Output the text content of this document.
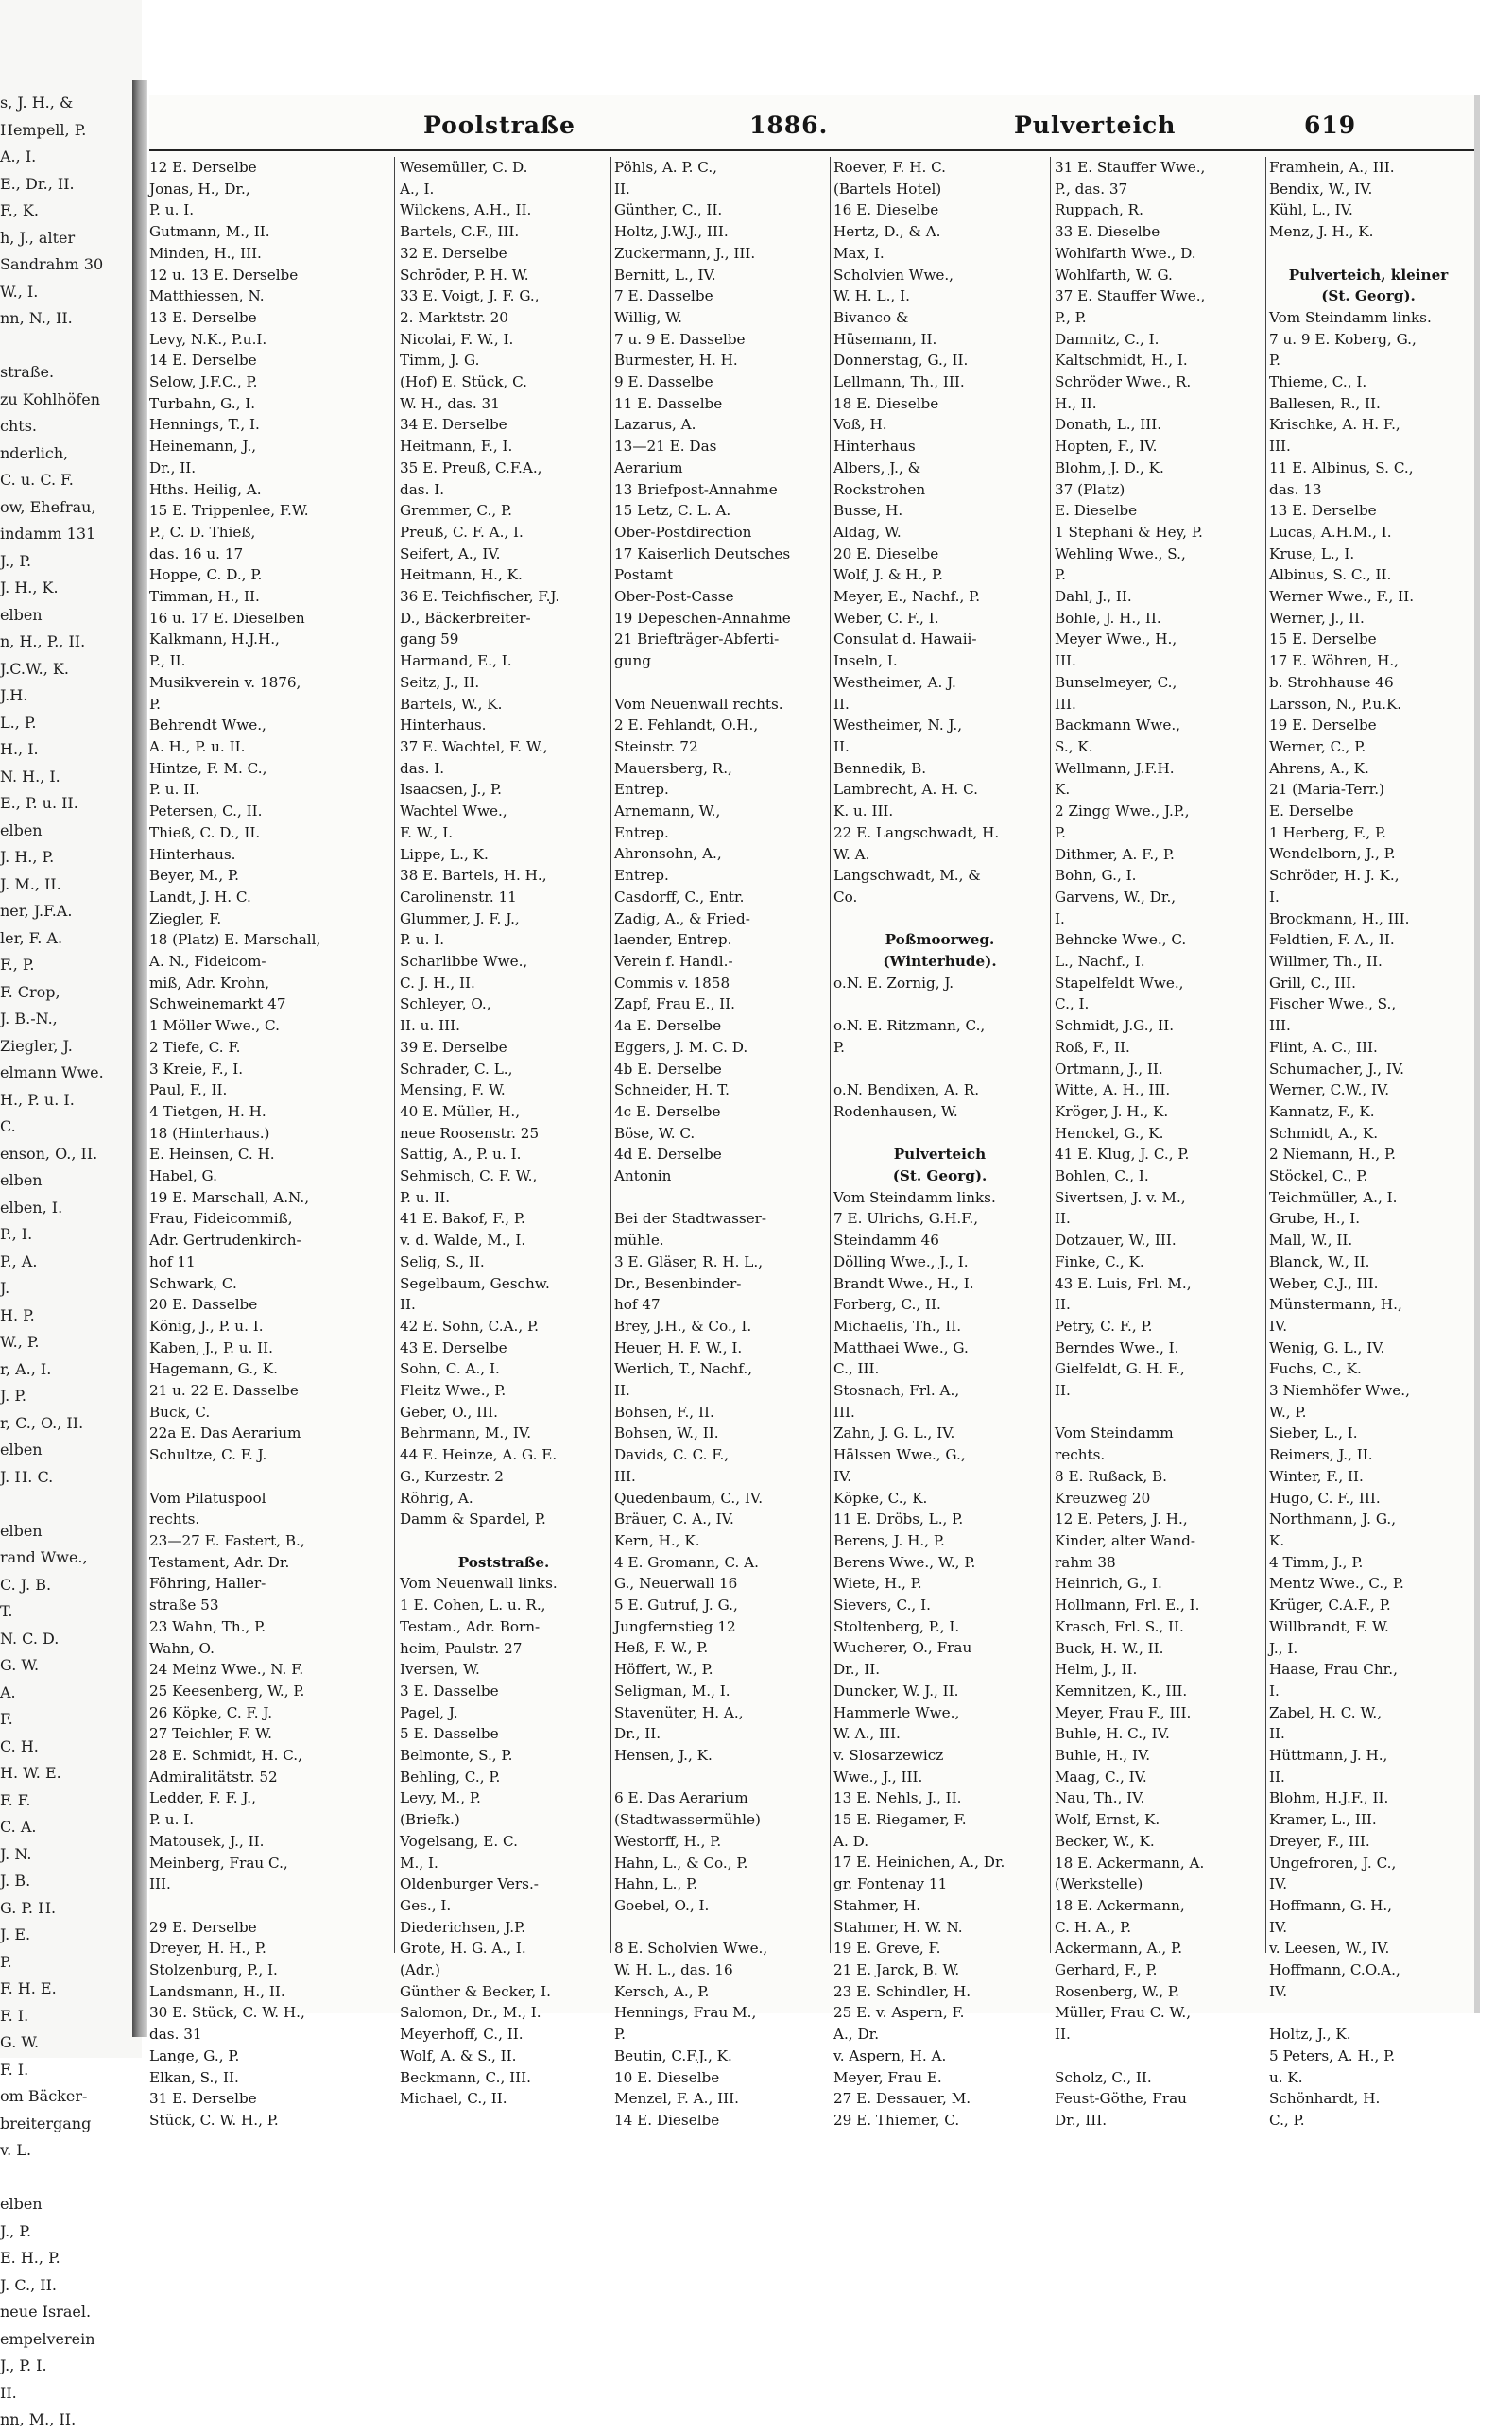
s, J. H., &
Hempell, P.
A., I.
E., Dr., II.
F., K.
h, J., alter
Sandrahm 30
W., I.
nn, N., II.

straße.
zu Kohlhöfen
chts.
nderlich,
C. u. C. F.
ow, Ehefrau,
indamm 131
J., P.
J. H., K.
elben
n, H., P., II.
J.C.W., K.
J.H.
L., P.
H., I.
N. H., I.
E., P. u. II.
elben
J. H., P.
J. M., II.
ner, J.F.A.
ler, F. A.
F., P.
F. Crop,
J. B.-N.,
Ziegler, J.
elmann Wwe.
H., P. u. I.
C.
enson, O., II.
elben
elben, I.
P., I.
P., A.
J.
H. P.
W., P.
r, A., I.
J. P.
r, C., O., II.
elben
J. H. C.

elben
rand Wwe.,
C. J. B.
T.
N. C. D.
G. W.
A.
F.
C. H.
H. W. E.
F. F.
C. A.
J. N.
J. B.
G. P. H.
J. E.
P.
F. H. E.
F. I.
G. W.
F. I.
om Bäcker-
breitergang
v. L.

elben
J., P.
E. H., P.
J. C., II.
neue Israel.
empelverein
J., P. I.
II.
nn, M., II.
Poolstraße	1886.	Pulverteich	619
12 E. Derselbe
Jonas, H., Dr.,
P. u. I.
Gutmann, M., II.
Minden, H., III.
12 u. 13 E. Derselbe
Matthiessen, N.
13 E. Derselbe
Levy, N.K., P.u.I.
14 E. Derselbe
Selow, J.F.C., P.
Turbahn, G., I.
Hennings, T., I.
Heinemann, J.,
Dr., II.
Hths. Heilig, A.
15 E. Trippenlee, F.W.
P., C. D. Thieß,
das. 16 u. 17
Hoppe, C. D., P.
Timman, H., II.
16 u. 17 E. Dieselben
Kalkmann, H.J.H.,
P., II.
Musikverein v. 1876,
P.
Behrendt Wwe.,
A. H., P. u. II.
Hintze, F. M. C.,
P. u. II.
Petersen, C., II.
Thieß, C. D., II.
Hinterhaus.
Beyer, M., P.
Landt, J. H. C.
Ziegler, F.
18 (Platz) E. Marschall,
A. N., Fideicom-
miß, Adr. Krohn,
Schweinemarkt 47
1 Möller Wwe., C.
2 Tiefe, C. F.
3 Kreie, F., I.
Paul, F., II.
4 Tietgen, H. H.
18 (Hinterhaus.)
E. Heinsen, C. H.
Habel, G.
19 E. Marschall, A.N.,
Frau, Fideicommiß,
Adr. Gertrudenkirch-
hof 11
Schwark, C.
20 E. Dasselbe
König, J., P. u. I.
Kaben, J., P. u. II.
Hagemann, G., K.
21 u. 22 E. Dasselbe
Buck, C.
22a E. Das Aerarium
Schultze, C. F. J.
Vom Pilatuspool
rechts.
23—27 E. Fastert, B.,
Testament, Adr. Dr.
Föhring, Haller-
straße 53
23 Wahn, Th., P.
Wahn, O.
24 Meinz Wwe., N. F.
25 Keesenberg, W., P.
26 Köpke, C. F. J.
27 Teichler, F. W.
28 E. Schmidt, H. C.,
Admiralitätstr. 52
Ledder, F. F. J.,
P. u. I.
Matousek, J., II.
Meinberg, Frau C.,
III.
29 E. Derselbe
Dreyer, H. H., P.
Stolzenburg, P., I.
Landsmann, H., II.
30 E. Stück, C. W. H.,
das. 31
Lange, G., P.
Elkan, S., II.
31 E. Derselbe
Stück, C. W. H., P.
Wesemüller, C. D.
A., I.
Wilckens, A.H., II.
Bartels, C.F., III.
32 E. Derselbe
Schröder, P. H. W.
33 E. Voigt, J. F. G.,
2. Marktstr. 20
Nicolai, F. W., I.
Timm, J. G.
(Hof) E. Stück, C.
W. H., das. 31
34 E. Derselbe
Heitmann, F., I.
35 E. Preuß, C.F.A.,
das. I.
Gremmer, C., P.
Preuß, C. F. A., I.
Seifert, A., IV.
Heitmann, H., K.
36 E. Teichfischer, F.J.
D., Bäckerbreiter-
gang 59
Harmand, E., I.
Seitz, J., II.
Bartels, W., K.
Hinterhaus.
37 E. Wachtel, F. W.,
das. I.
Isaacsen, J., P.
Wachtel Wwe.,
F. W., I.
Lippe, L., K.
38 E. Bartels, H. H.,
Carolinenstr. 11
Glummer, J. F. J.,
P. u. I.
Scharlibbe Wwe.,
C. J. H., II.
Schleyer, O.,
II. u. III.
39 E. Derselbe
Schrader, C. L.,
Mensing, F. W.
40 E. Müller, H.,
neue Roosenstr. 25
Sattig, A., P. u. I.
Sehmisch, C. F. W.,
P. u. II.
41 E. Bakof, F., P.
v. d. Walde, M., I.
Selig, S., II.
Segelbaum, Geschw.
II.
42 E. Sohn, C.A., P.
43 E. Derselbe
Sohn, C. A., I.
Fleitz Wwe., P.
Geber, O., III.
Behrmann, M., IV.
44 E. Heinze, A. G. E.
G., Kurzestr. 2
Röhrig, A.
Damm & Spardel, P.
Poststraße.
Vom Neuenwall links.
1 E. Cohen, L. u. R.,
Testam., Adr. Born-
heim, Paulstr. 27
Iversen, W.
3 E. Dasselbe
Pagel, J.
5 E. Dasselbe
Belmonte, S., P.
Behling, C., P.
Levy, M., P.
(Briefk.)
Vogelsang, E. C.
M., I.
Oldenburger Vers.-
Ges., I.
Diederichsen, J.P.
Grote, H. G. A., I.
(Adr.)
Günther & Becker, I.
Salomon, Dr., M., I.
Meyerhoff, C., II.
Wolf, A. & S., II.
Beckmann, C., III.
Michael, C., II.
Pöhls, A. P. C.,
II.
Günther, C., II.
Holtz, J.W.J., III.
Zuckermann, J., III.
Bernitt, L., IV.
7 E. Dasselbe
Willig, W.
7 u. 9 E. Dasselbe
Burmester, H. H.
9 E. Dasselbe
11 E. Dasselbe
Lazarus, A.
13—21 E. Das
Aerarium
13 Briefpost-Annahme
15 Letz, C. L. A.
Ober-Postdirection
17 Kaiserlich Deutsches
Postamt
Ober-Post-Casse
19 Depeschen-Annahme
21 Briefträger-Abferti-
gung
Vom Neuenwall rechts.
2 E. Fehlandt, O.H.,
Steinstr. 72
Mauersberg, R.,
Entrep.
Arnemann, W.,
Entrep.
Ahronsohn, A.,
Entrep.
Casdorff, C., Entr.
Zadig, A., & Fried-
laender, Entrep.
Verein f. Handl.-
Commis v. 1858
Zapf, Frau E., II.
4a E. Derselbe
Eggers, J. M. C. D.
4b E. Derselbe
Schneider, H. T.
4c E. Derselbe
Böse, W. C.
4d E. Derselbe
Antonin
Bei der Stadtwasser-
mühle.
3 E. Gläser, R. H. L.,
Dr., Besenbinder-
hof 47
Brey, J.H., & Co., I.
Heuer, H. F. W., I.
Werlich, T., Nachf.,
II.
Bohsen, F., II.
Bohsen, W., II.
Davids, C. C. F.,
III.
Quedenbaum, C., IV.
Bräuer, C. A., IV.
Kern, H., K.
4 E. Gromann, C. A.
G., Neuerwall 16
5 E. Gutruf, J. G.,
Jungfernstieg 12
Heß, F. W., P.
Höffert, W., P.
Seligman, M., I.
Stavenüter, H. A.,
Dr., II.
Hensen, J., K.
6 E. Das Aerarium
(Stadtwassermühle)
Westorff, H., P.
Hahn, L., & Co., P.
Hahn, L., P.
Goebel, O., I.
8 E. Scholvien Wwe.,
W. H. L., das. 16
Kersch, A., P.
Hennings, Frau M.,
P.
Beutin, C.F.J., K.
10 E. Dieselbe
Menzel, F. A., III.
14 E. Dieselbe
Roever, F. H. C.
(Bartels Hotel)
16 E. Dieselbe
Hertz, D., & A.
Max, I.
Scholvien Wwe.,
W. H. L., I.
Bivanco &
Hüsemann, II.
Donnerstag, G., II.
Lellmann, Th., III.
18 E. Dieselbe
Voß, H.
Hinterhaus
Albers, J., &
Rockstrohen
Busse, H.
Aldag, W.
20 E. Dieselbe
Wolf, J. & H., P.
Meyer, E., Nachf., P.
Weber, C. F., I.
Consulat d. Hawaii-
Inseln, I.
Westheimer, A. J.
II.
Westheimer, N. J.,
II.
Bennedik, B.
Lambrecht, A. H. C.
K. u. III.
22 E. Langschwadt, H.
W. A.
Langschwadt, M., &
Co.
Poßmoorweg.
(Winterhude).
o.N. E. Zornig, J.
o.N. E. Ritzmann, C.,
P.
o.N. Bendixen, A. R.
Rodenhausen, W.
Pulverteich
(St. Georg).
Vom Steindamm links.
7 E. Ulrichs, G.H.F.,
Steindamm 46
Dölling Wwe., J., I.
Brandt Wwe., H., I.
Forberg, C., II.
Michaelis, Th., II.
Matthaei Wwe., G.
C., III.
Stosnach, Frl. A.,
III.
Zahn, J. G. L., IV.
Hälssen Wwe., G.,
IV.
Köpke, C., K.
11 E. Dröbs, L., P.
Berens, J. H., P.
Berens Wwe., W., P.
Wiete, H., P.
Sievers, C., I.
Stoltenberg, P., I.
Wucherer, O., Frau
Dr., II.
Duncker, W. J., II.
Hammerle Wwe.,
W. A., III.
v. Slosarzewicz
Wwe., J., III.
13 E. Nehls, J., II.
15 E. Riegamer, F.
A. D.
17 E. Heinichen, A., Dr.
gr. Fontenay 11
Stahmer, H.
Stahmer, H. W. N.
19 E. Greve, F.
21 E. Jarck, B. W.
23 E. Schindler, H.
25 E. v. Aspern, F.
A., Dr.
v. Aspern, H. A.
Meyer, Frau E.
27 E. Dessauer, M.
29 E. Thiemer, C.
31 E. Stauffer Wwe.,
P., das. 37
Ruppach, R.
33 E. Dieselbe
Wohlfarth Wwe., D.
Wohlfarth, W. G.
37 E. Stauffer Wwe.,
P., P.
Damnitz, C., I.
Kaltschmidt, H., I.
Schröder Wwe., R.
H., II.
Donath, L., III.
Hopten, F., IV.
Blohm, J. D., K.
37 (Platz)
E. Dieselbe
1 Stephani & Hey, P.
Wehling Wwe., S.,
P.
Dahl, J., II.
Bohle, J. H., II.
Meyer Wwe., H.,
III.
Bunselmeyer, C.,
III.
Backmann Wwe.,
S., K.
Wellmann, J.F.H.
K.
2 Zingg Wwe., J.P.,
P.
Dithmer, A. F., P.
Bohn, G., I.
Garvens, W., Dr.,
I.
Behncke Wwe., C.
L., Nachf., I.
Stapelfeldt Wwe.,
C., I.
Schmidt, J.G., II.
Roß, F., II.
Ortmann, J., II.
Witte, A. H., III.
Kröger, J. H., K.
Henckel, G., K.
41 E. Klug, J. C., P.
Bohlen, C., I.
Sivertsen, J. v. M.,
II.
Dotzauer, W., III.
Finke, C., K.
43 E. Luis, Frl. M.,
II.
Petry, C. F., P.
Berndes Wwe., I.
Gielfeldt, G. H. F.,
II.
Vom Steindamm
rechts.
8 E. Rußack, B.
Kreuzweg 20
12 E. Peters, J. H.,
Kinder, alter Wand-
rahm 38
Heinrich, G., I.
Hollmann, Frl. E., I.
Krasch, Frl. S., II.
Buck, H. W., II.
Helm, J., II.
Kemnitzen, K., III.
Meyer, Frau F., III.
Buhle, H. C., IV.
Buhle, H., IV.
Maag, C., IV.
Nau, Th., IV.
Wolf, Ernst, K.
Becker, W., K.
18 E. Ackermann, A.
(Werkstelle)
18 E. Ackermann,
C. H. A., P.
Ackermann, A., P.
Gerhard, F., P.
Rosenberg, W., P.
Müller, Frau C. W.,
II.
Scholz, C., II.
Feust-Göthe, Frau
Dr., III.
Framhein, A., III.
Bendix, W., IV.
Kühl, L., IV.
Menz, J. H., K.
Pulverteich, kleiner
(St. Georg).
Vom Steindamm links.
7 u. 9 E. Koberg, G.,
P.
Thieme, C., I.
Ballesen, R., II.
Krischke, A. H. F.,
III.
11 E. Albinus, S. C.,
das. 13
13 E. Derselbe
Lucas, A.H.M., I.
Kruse, L., I.
Albinus, S. C., II.
Werner Wwe., F., II.
Werner, J., II.
15 E. Derselbe
17 E. Wöhren, H.,
b. Strohhause 46
Larsson, N., P.u.K.
19 E. Derselbe
Werner, C., P.
Ahrens, A., K.
21 (Maria-Terr.)
E. Derselbe
1 Herberg, F., P.
Wendelborn, J., P.
Schröder, H. J. K.,
I.
Brockmann, H., III.
Feldtien, F. A., II.
Willmer, Th., II.
Grill, C., III.
Fischer Wwe., S.,
III.
Flint, A. C., III.
Schumacher, J., IV.
Werner, C.W., IV.
Kannatz, F., K.
Schmidt, A., K.
2 Niemann, H., P.
Stöckel, C., P.
Teichmüller, A., I.
Grube, H., I.
Mall, W., II.
Blanck, W., II.
Weber, C.J., III.
Münstermann, H.,
IV.
Wenig, G. L., IV.
Fuchs, C., K.
3 Niemhöfer Wwe.,
W., P.
Sieber, L., I.
Reimers, J., II.
Winter, F., II.
Hugo, C. F., III.
Northmann, J. G.,
K.
4 Timm, J., P.
Mentz Wwe., C., P.
Krüger, C.A.F., P.
Willbrandt, F. W.
J., I.
Haase, Frau Chr.,
I.
Zabel, H. C. W.,
II.
Hüttmann, J. H.,
II.
Blohm, H.J.F., II.
Kramer, L., III.
Dreyer, F., III.
Ungefroren, J. C.,
IV.
Hoffmann, G. H.,
IV.
v. Leesen, W., IV.
Hoffmann, C.O.A.,
IV.
Holtz, J., K.
5 Peters, A. H., P.
u. K.
Schönhardt, H.
C., P.
